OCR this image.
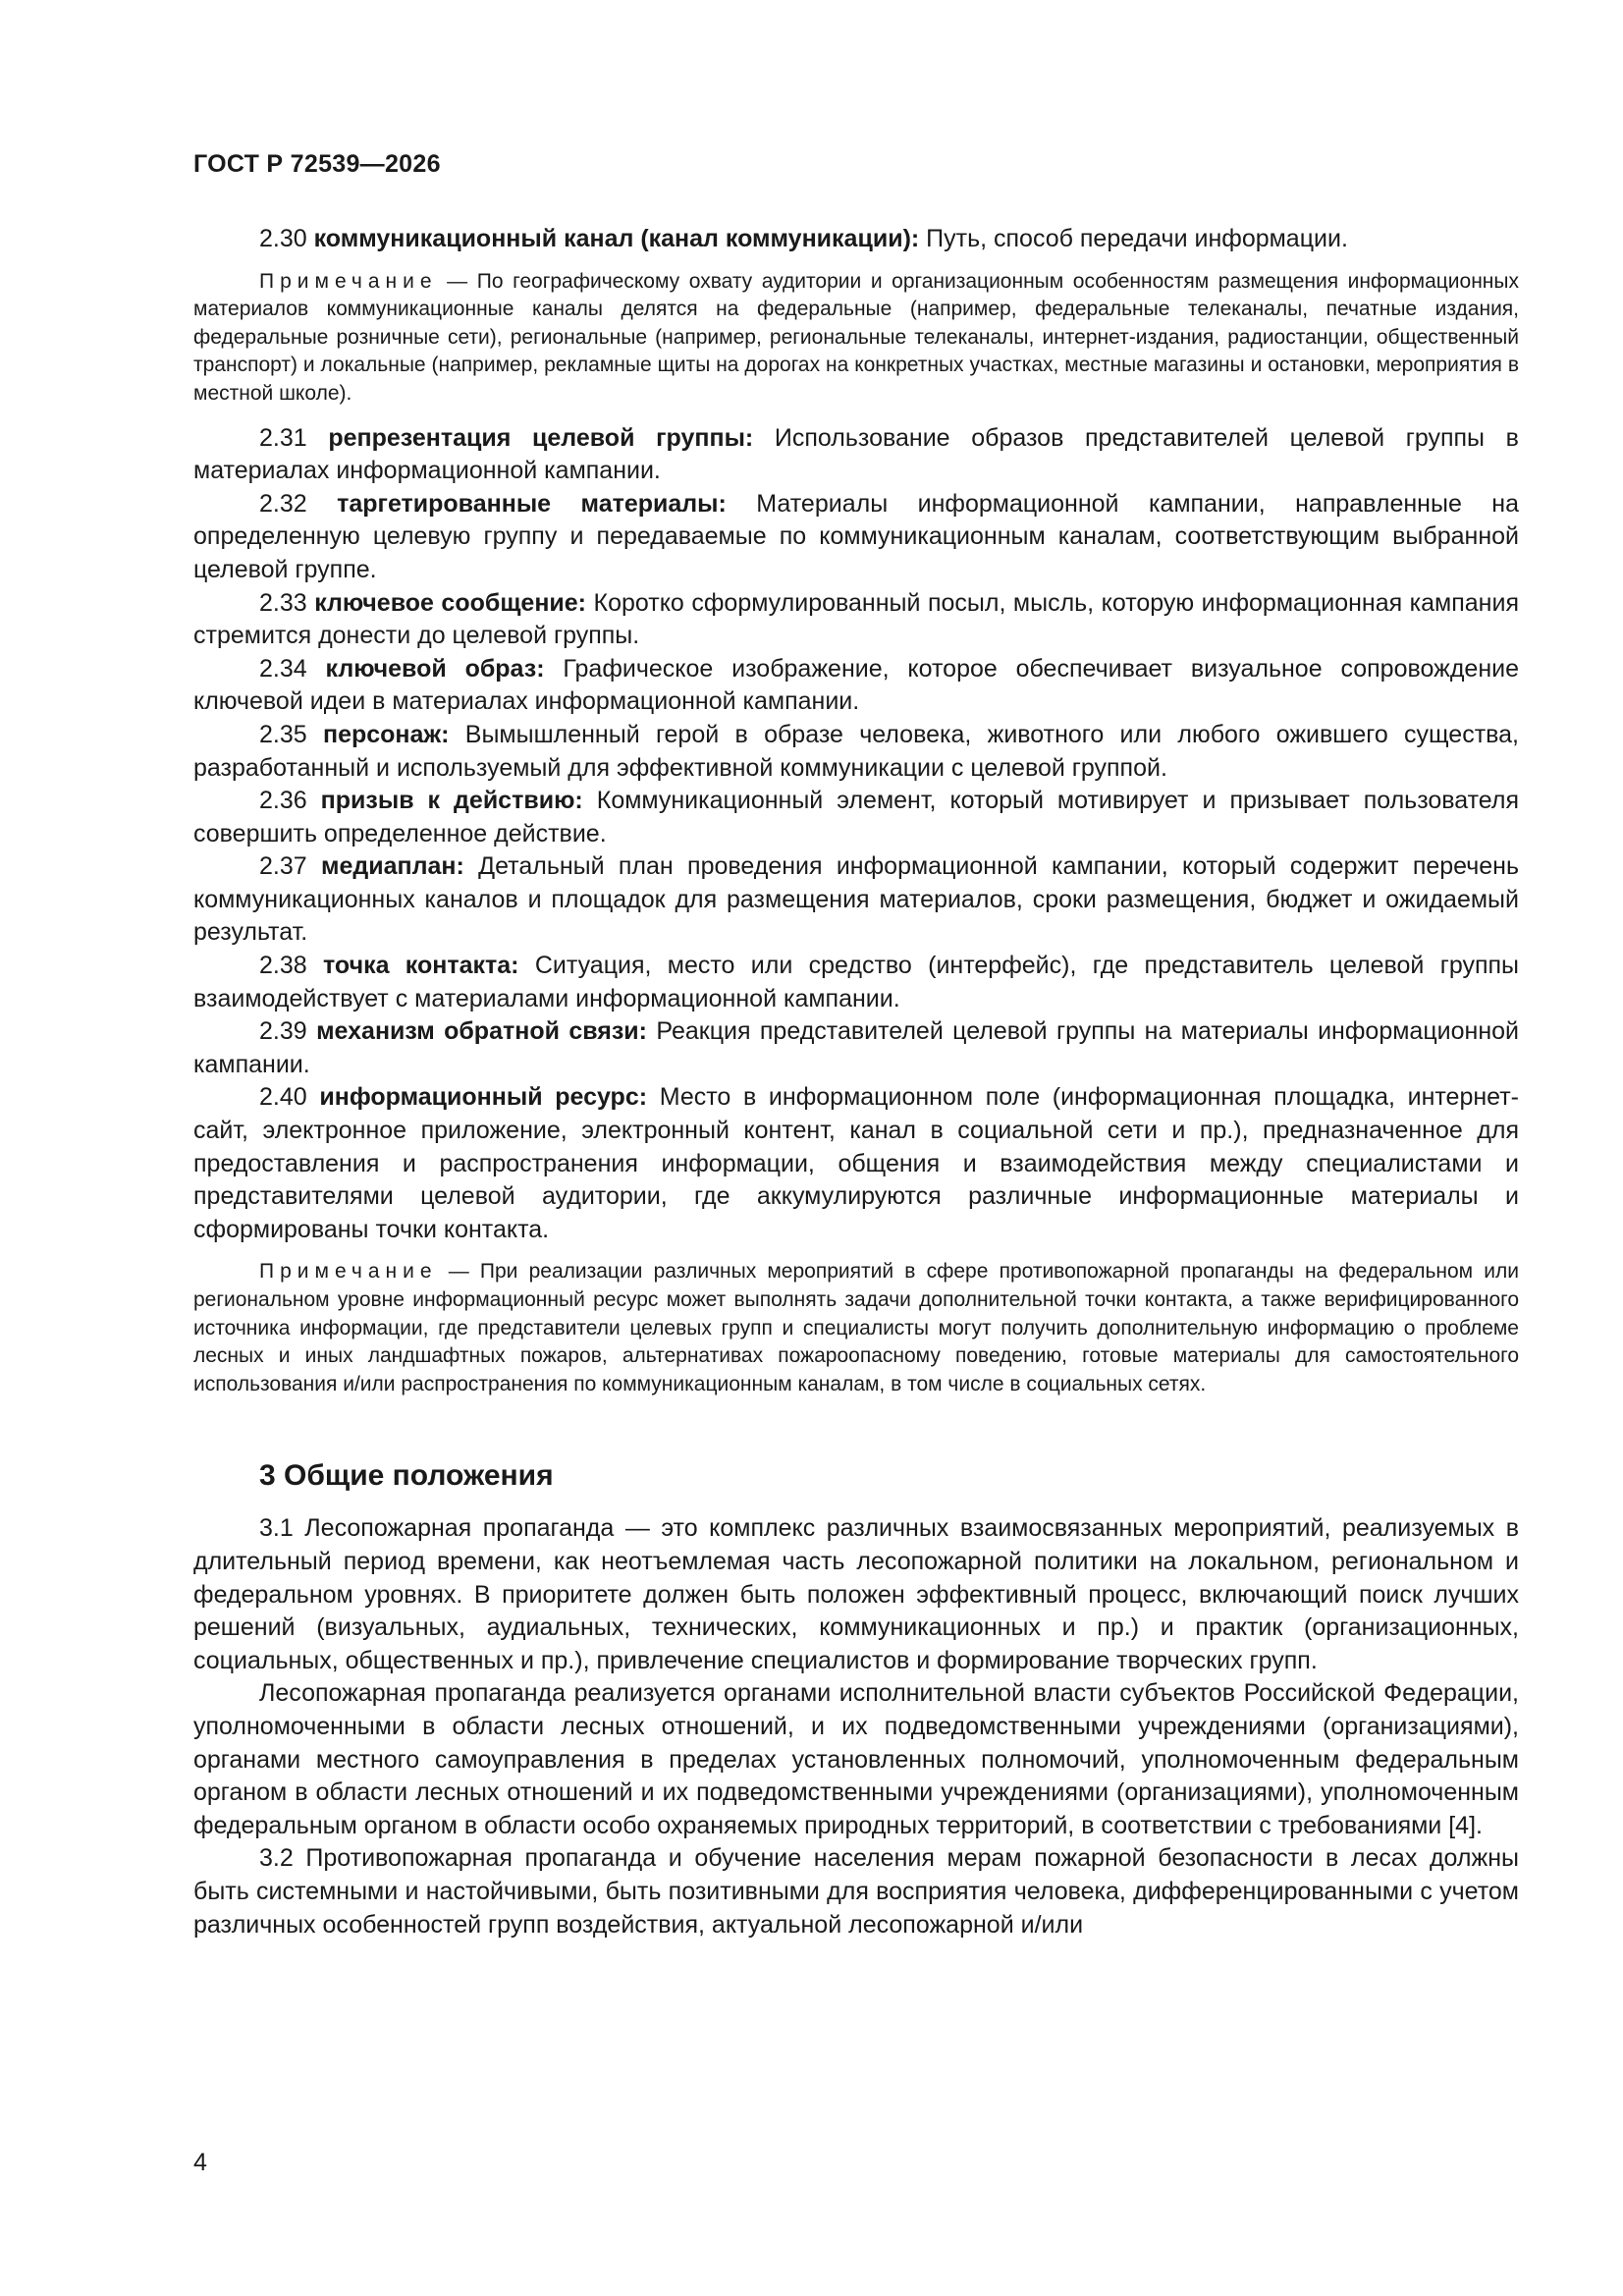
ГОСТ Р 72539—2026

2.30 коммуникационный канал (канал коммуникации): Путь, способ передачи информации.

Примечание — По географическому охвату аудитории и организационным особенностям размещения информационных материалов коммуникационные каналы делятся на федеральные (например, федеральные телеканалы, печатные издания, федеральные розничные сети), региональные (например, региональные телеканалы, интернет-издания, радиостанции, общественный транспорт) и локальные (например, рекламные щиты на дорогах на конкретных участках, местные магазины и остановки, мероприятия в местной школе).

2.31 репрезентация целевой группы: Использование образов представителей целевой группы в материалах информационной кампании.

2.32 таргетированные материалы: Материалы информационной кампании, направленные на определенную целевую группу и передаваемые по коммуникационным каналам, соответствующим выбранной целевой группе.

2.33 ключевое сообщение: Коротко сформулированный посыл, мысль, которую информационная кампания стремится донести до целевой группы.

2.34 ключевой образ: Графическое изображение, которое обеспечивает визуальное сопровождение ключевой идеи в материалах информационной кампании.

2.35 персонаж: Вымышленный герой в образе человека, животного или любого ожившего существа, разработанный и используемый для эффективной коммуникации с целевой группой.

2.36 призыв к действию: Коммуникационный элемент, который мотивирует и призывает пользователя совершить определенное действие.

2.37 медиаплан: Детальный план проведения информационной кампании, который содержит перечень коммуникационных каналов и площадок для размещения материалов, сроки размещения, бюджет и ожидаемый результат.

2.38 точка контакта: Ситуация, место или средство (интерфейс), где представитель целевой группы взаимодействует с материалами информационной кампании.

2.39 механизм обратной связи: Реакция представителей целевой группы на материалы информационной кампании.

2.40 информационный ресурс: Место в информационном поле (информационная площадка, интернет-сайт, электронное приложение, электронный контент, канал в социальной сети и пр.), предназначенное для предоставления и распространения информации, общения и взаимодействия между специалистами и представителями целевой аудитории, где аккумулируются различные информационные материалы и сформированы точки контакта.

Примечание — При реализации различных мероприятий в сфере противопожарной пропаганды на федеральном или региональном уровне информационный ресурс может выполнять задачи дополнительной точки контакта, а также верифицированного источника информации, где представители целевых групп и специалисты могут получить дополнительную информацию о проблеме лесных и иных ландшафтных пожаров, альтернативах пожароопасному поведению, готовые материалы для самостоятельного использования и/или распространения по коммуникационным каналам, в том числе в социальных сетях.

3 Общие положения

3.1 Лесопожарная пропаганда — это комплекс различных взаимосвязанных мероприятий, реализуемых в длительный период времени, как неотъемлемая часть лесопожарной политики на локальном, региональном и федеральном уровнях. В приоритете должен быть положен эффективный процесс, включающий поиск лучших решений (визуальных, аудиальных, технических, коммуникационных и пр.) и практик (организационных, социальных, общественных и пр.), привлечение специалистов и формирование творческих групп.

Лесопожарная пропаганда реализуется органами исполнительной власти субъектов Российской Федерации, уполномоченными в области лесных отношений, и их подведомственными учреждениями (организациями), органами местного самоуправления в пределах установленных полномочий, уполномоченным федеральным органом в области лесных отношений и их подведомственными учреждениями (организациями), уполномоченным федеральным органом в области особо охраняемых природных территорий, в соответствии с требованиями [4].

3.2 Противопожарная пропаганда и обучение населения мерам пожарной безопасности в лесах должны быть системными и настойчивыми, быть позитивными для восприятия человека, дифференцированными с учетом различных особенностей групп воздействия, актуальной лесопожарной и/или

4
